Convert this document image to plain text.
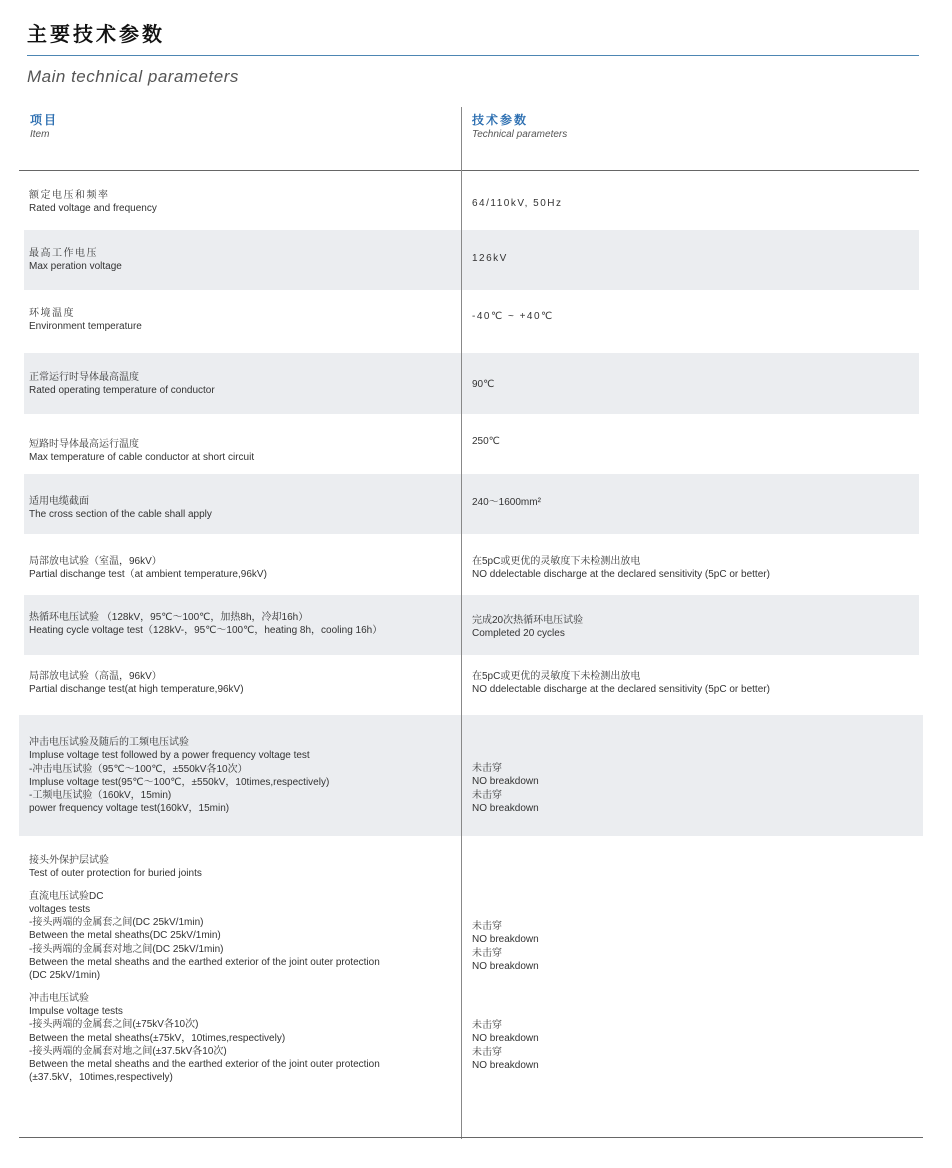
主要技术参数
Main technical parameters
项目
Item
技术参数
Technical parameters
额定电压和频率
Rated voltage and frequency	64/110kV, 50Hz
最高工作电压
Max peration voltage
126kV
环境温度
Environment temperature
-40℃ ~ +40℃
正常运行时导体最高温度
Rated operating temperature of conductor
90℃
短路时导体最高运行温度
Max temperature of cable conductor at short circuit
250℃
适用电缆截面
The cross section of the cable shall apply
240～1600mm²
局部放电试验（室温，96kV）
Partial dischange test（at ambient temperature,96kV)
在5pC或更优的灵敏度下未检测出放电
NO ddelectable discharge at the declared sensitivity (5pC or better)
热循环电压试验 （128kV，95℃～100℃，加热8h，冷却16h）
Heating cycle voltage test（128kV-，95℃～100℃，heating 8h，cooling 16h）
完成20次热循环电压试验
Completed 20 cycles
局部放电试验（高温，96kV）
Partial dischange test(at high temperature,96kV)
在5pC或更优的灵敏度下未检测出放电
NO ddelectable discharge at the declared sensitivity (5pC or better)
冲击电压试验及随后的工频电压试验
Impluse voltage test followed by a power frequency voltage test
-冲击电压试验（95℃～100℃，±550kV各10次）
Impluse voltage test(95℃～100℃，±550kV，10times,respectively)
-工频电压试验（160kV，15min)
power frequency voltage test(160kV，15min)
未击穿
NO breakdown
未击穿
NO breakdown
接头外保护层试验
Test of outer protection for buried joints
直流电压试验DC
voltages tests
-接头两端的金属套之间(DC 25kV/1min)
Between the metal sheaths(DC 25kV/1min)
-接头两端的金属套对地之间(DC 25kV/1min)
Between the metal sheaths and the earthed exterior of the joint outer protection
(DC 25kV/1min)
冲击电压试验
Impulse voltage tests
-接头两端的金属套之间(±75kV各10次)
Between the metal sheaths(±75kV，10times,respectively)
-接头两端的金属套对地之间(±37.5kV各10次)
Between the metal sheaths and the earthed exterior of the joint outer protection
(±37.5kV，10times,respectively)
未击穿
NO breakdown
未击穿
NO breakdown
未击穿
NO breakdown
未击穿
NO breakdown
